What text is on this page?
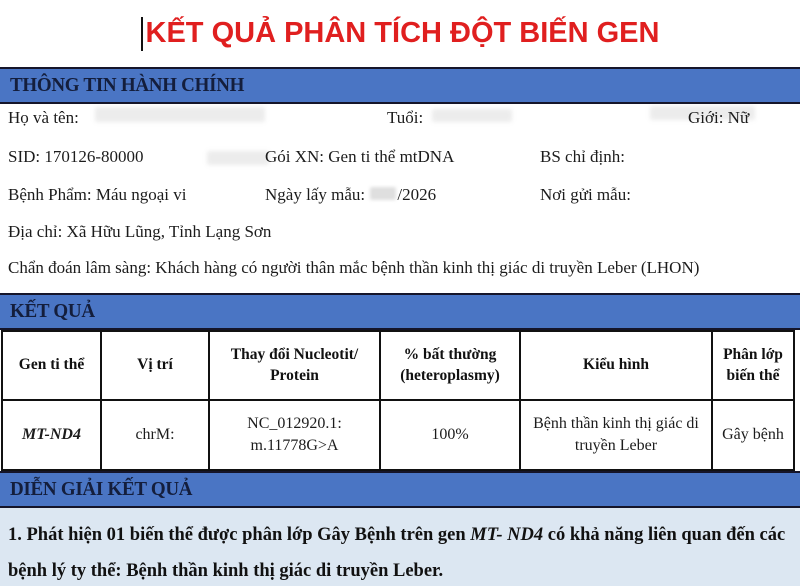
KẾT QUẢ PHÂN TÍCH ĐỘT BIẾN GEN
THÔNG TIN HÀNH CHÍNH
Họ và tên:	Tuổi:	Giới: Nữ
SID: 170126-80000	Gói XN: Gen ti thể mtDNA	BS chỉ định:
Bệnh Phẩm: Máu ngoại vi	Ngày lấy mẫu: /2026	Nơi gửi mẫu:
Địa chỉ: Xã Hữu Lũng, Tỉnh Lạng Sơn
Chẩn đoán lâm sàng: Khách hàng có người thân mắc bệnh thần kinh thị giác di truyền Leber (LHON)
KẾT QUẢ
Gen ti thể	Vị trí	Thay đổi Nucleotit/ Protein	% bất thường (heteroplasmy)	Kiểu hình	Phân lớp biến thể
MT-ND4	chrM:	NC_012920.1: m.11778G>A	100%	Bệnh thần kinh thị giác di truyền Leber	Gây bệnh
DIỄN GIẢI KẾT QUẢ
1. Phát hiện 01 biến thể được phân lớp Gây Bệnh trên gen MT- ND4 có khả năng liên quan đến các bệnh lý ty thể: Bệnh thần kinh thị giác di truyền Leber.
